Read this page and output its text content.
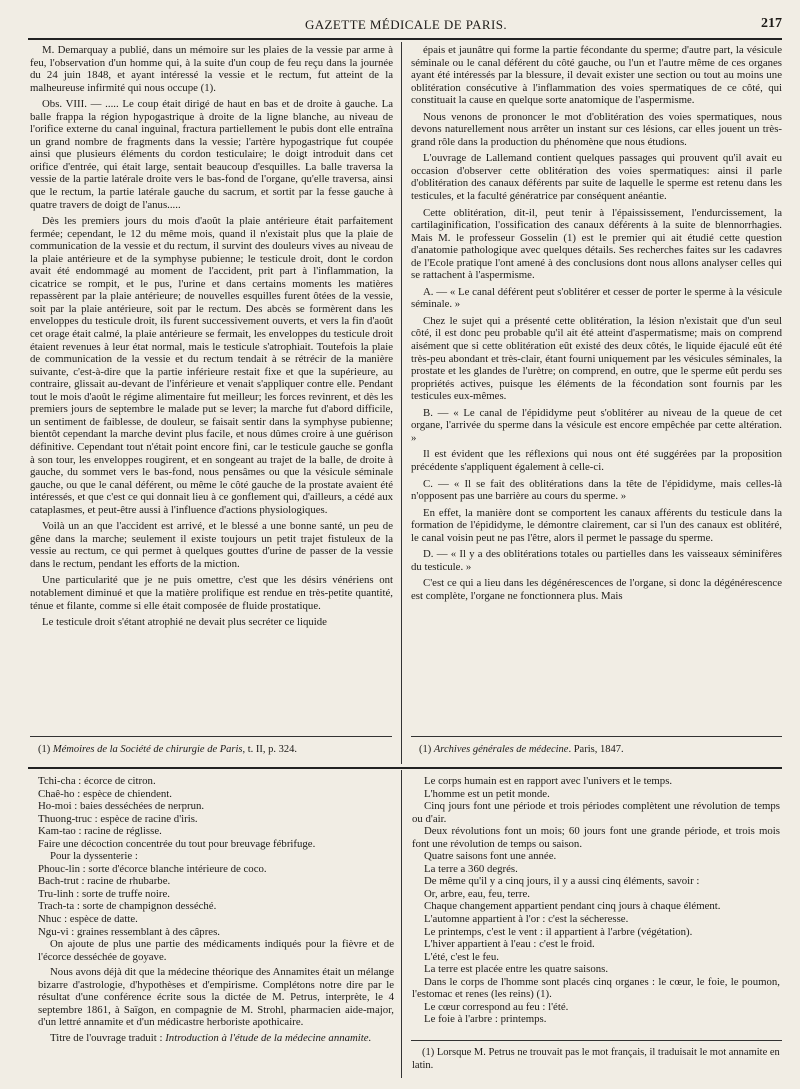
GAZETTE MÉDICALE DE PARIS.	217

M. Demarquay a publié, dans un mémoire sur les plaies de la vessie par arme à feu, l'observation d'un homme qui, à la suite d'un coup de feu reçu dans la journée du 24 juin 1848, et ayant intéressé la vessie et le rectum, fut atteint de la malheureuse infirmité qui nous occupe (1).

Obs. VIII. — ..... Le coup était dirigé de haut en bas et de droite à gauche. La balle frappa la région hypogastrique à droite de la ligne blanche, au niveau de l'orifice externe du canal inguinal, fractura partiellement le pubis dont elle entraîna un grand nombre de fragments dans la vessie; l'artère hypogastrique fut coupée ainsi que plusieurs éléments du cordon testiculaire; le doigt introduit dans cet orifice d'entrée, qui était large, sentait beaucoup d'esquilles. La balle traversa la vessie de la partie latérale droite vers le bas-fond de l'organe, qu'elle traversa, ainsi que le rectum, la partie latérale gauche du sacrum, et sortit par la fesse gauche à quatre travers de doigt de l'anus.....

Dès les premiers jours du mois d'août la plaie antérieure était parfaitement fermée; cependant, le 12 du même mois, quand il n'existait plus que la plaie de communication de la vessie et du rectum, il survint des douleurs vives au niveau de la plaie antérieure et de la symphyse pubienne; le testicule droit, dont le cordon avait été endommagé au moment de l'accident, prit part à l'inflammation, la cicatrice se rompit, et le pus, l'urine et dans certains moments les matières repassèrent par la plaie antérieure; de nouvelles esquilles furent ôtées de la vessie, soit par la plaie antérieure, soit par le rectum. Des abcès se formèrent dans les enveloppes du testicule droit, ils furent successivement ouverts, et vers la fin d'août cet orage était calmé, la plaie antérieure se fermait, les enveloppes du testicule droit étaient revenues à leur état normal, mais le testicule s'atrophiait. Toutefois la plaie de communication de la vessie et du rectum tendait à se rétrécir de la manière suivante, c'est-à-dire que la partie inférieure restait fixe et que la supérieure, au contraire, glissait au-devant de l'inférieure et venait s'appliquer contre elle. Pendant tout le mois d'août le régime alimentaire fut meilleur; les forces revinrent, et dès les premiers jours de septembre le malade put se lever; la marche fut d'abord difficile, un sentiment de faiblesse, de douleur, se faisait sentir dans la symphyse pubienne; bientôt cependant la marche devint plus facile, et nous dûmes croire à une guérison définitive. Cependant tout n'était point encore fini, car le testicule gauche se gonfla à son tour, les enveloppes rougirent, et en songeant au trajet de la balle, de droite à gauche, du sommet vers le bas-fond, nous pensâmes ou que la vésicule séminale gauche, ou que le canal déférent, ou même le côté gauche de la prostate avaient été intéressés, et que c'est ce qui donnait lieu à ce gonflement qui, d'ailleurs, a cédé aux cataplasmes, et peut-être aussi à l'influence d'actions physiologiques.

Voilà un an que l'accident est arrivé, et le blessé a une bonne santé, un peu de gêne dans la marche; seulement il existe toujours un petit trajet fistuleux de la vessie au rectum, ce qui permet à quelques gouttes d'urine de passer de la vessie dans le rectum, pendant les efforts de la miction.

Une particularité que je ne puis omettre, c'est que les désirs vénériens ont notablement diminué et que la matière prolifique est rendue en très-petite quantité, ténue et filante, comme si elle était composée de fluide prostatique.

Le testicule droit s'étant atrophié ne devait plus secréter ce liquide

épais et jaunâtre qui forme la partie fécondante du sperme; d'autre part, la vésicule séminale ou le canal déférent du côté gauche, ou l'un et l'autre même de ces organes ayant été intéressés par la blessure, il devait exister une section ou tout au moins une oblitération consécutive à l'inflammation des voies spermatiques de ce côté, qui constituait la cause en quelque sorte anatomique de l'aspermisme.

Nous venons de prononcer le mot d'oblitération des voies spermatiques, nous devons naturellement nous arrêter un instant sur ces lésions, car elles jouent un très-grand rôle dans la production du phénomène que nous étudions.

L'ouvrage de Lallemand contient quelques passages qui prouvent qu'il avait eu occasion d'observer cette oblitération des voies spermatiques: ainsi il parle d'oblitération des canaux déférents par suite de laquelle le sperme est retenu dans les testicules, et la faculté génératrice par conséquent anéantie.

Cette oblitération, dit-il, peut tenir à l'épaississement, l'endurcissement, la cartilaginification, l'ossification des canaux déférents à la suite de blennorrhagies. Mais M. le professeur Gosselin (1) est le premier qui ait étudié cette question d'anatomie pathologique avec quelques détails. Ses recherches faites sur les cadavres de l'Ecole pratique l'ont amené à des conclusions dont nous allons analyser celles qui se rattachent à l'aspermisme.

A. — « Le canal déférent peut s'oblitérer et cesser de porter le sperme à la vésicule séminale. »

Chez le sujet qui a présenté cette oblitération, la lésion n'existait que d'un seul côté, il est donc peu probable qu'il ait été atteint d'aspermatisme; mais on comprend aisément que si cette oblitération eût existé des deux côtés, le liquide éjaculé eût été très-peu abondant et très-clair, étant fourni uniquement par les vésicules séminales, la prostate et les glandes de l'urètre; on comprend, en outre, que le sperme eût perdu ses propriétés actives, puisque les éléments de la fécondation sont fournis par les testicules eux-mêmes.

B. — « Le canal de l'épididyme peut s'oblitérer au niveau de la queue de cet organe, l'arrivée du sperme dans la vésicule est encore empêchée par cette altération. »

Il est évident que les réflexions qui nous ont été suggérées par la proposition précédente s'appliquent également à celle-ci.

C. — « Il se fait des oblitérations dans la tête de l'épididyme, mais celles-là n'opposent pas une barrière au cours du sperme. »

En effet, la manière dont se comportent les canaux afférents du testicule dans la formation de l'épididyme, le démontre clairement, car si l'un des canaux est oblitéré, le canal voisin peut ne pas l'être, alors il permet le passage du sperme.

D. — « Il y a des oblitérations totales ou partielles dans les vaisseaux séminifères du testicule. »

C'est ce qui a lieu dans les dégénérescences de l'organe, si donc la dégénérescence est complète, l'organe ne fonctionnera plus. Mais

(1) Mémoires de la Société de chirurgie de Paris, t. II, p. 324.	(1) Archives générales de médecine. Paris, 1847.

Tchi-cha : écorce de citron.

Chaê-ho : espèce de chiendent.

Ho-moi : baies desséchées de nerprun.

Thuong-truc : espèce de racine d'iris.

Kam-tao : racine de réglisse.

Faire une décoction concentrée du tout pour breuvage fébrifuge.

Pour la dyssenterie :

Phouc-lin : sorte d'écorce blanche intérieure de coco.

Bach-trut : racine de rhubarbe.

Tru-linh : sorte de truffe noire.

Trach-ta : sorte de champignon desséché.

Nhuc : espèce de datte.

Ngu-vi : graines ressemblant à des câpres.

On ajoute de plus une partie des médicaments indiqués pour la fièvre et de l'écorce desséchée de goyave.

Nous avons déjà dit que la médecine théorique des Annamites était un mélange bizarre d'astrologie, d'hypothèses et d'empirisme. Complétons notre dire par le résultat d'une conférence écrite sous la dictée de M. Petrus, interprète, le 4 septembre 1861, à Saïgon, en compagnie de M. Strohl, pharmacien aide-major, d'un lettré annamite et d'un médicastre herboriste apothicaire.

Titre de l'ouvrage traduit : Introduction à l'étude de la médecine annamite.

Le corps humain est en rapport avec l'univers et le temps.

L'homme est un petit monde.

Cinq jours font une période et trois périodes complètent une révolution de temps ou d'air.

Deux révolutions font un mois; 60 jours font une grande période, et trois mois font une révolution de temps ou saison.

Quatre saisons font une année.

La terre a 360 degrés.

De même qu'il y a cinq jours, il y a aussi cinq éléments, savoir :

Or, arbre, eau, feu, terre.

Chaque changement appartient pendant cinq jours à chaque élément.

L'automne appartient à l'or : c'est la sécheresse.

Le printemps, c'est le vent : il appartient à l'arbre (végétation).

L'hiver appartient à l'eau : c'est le froid.

L'été, c'est le feu.

La terre est placée entre les quatre saisons.

Dans le corps de l'homme sont placés cinq organes : le cœur, le foie, le poumon, l'estomac et renes (les reins) (1).

Le cœur correspond au feu : l'été.

Le foie à l'arbre : printemps.

(1) Lorsque M. Petrus ne trouvait pas le mot français, il traduisait le mot annamite en latin.
